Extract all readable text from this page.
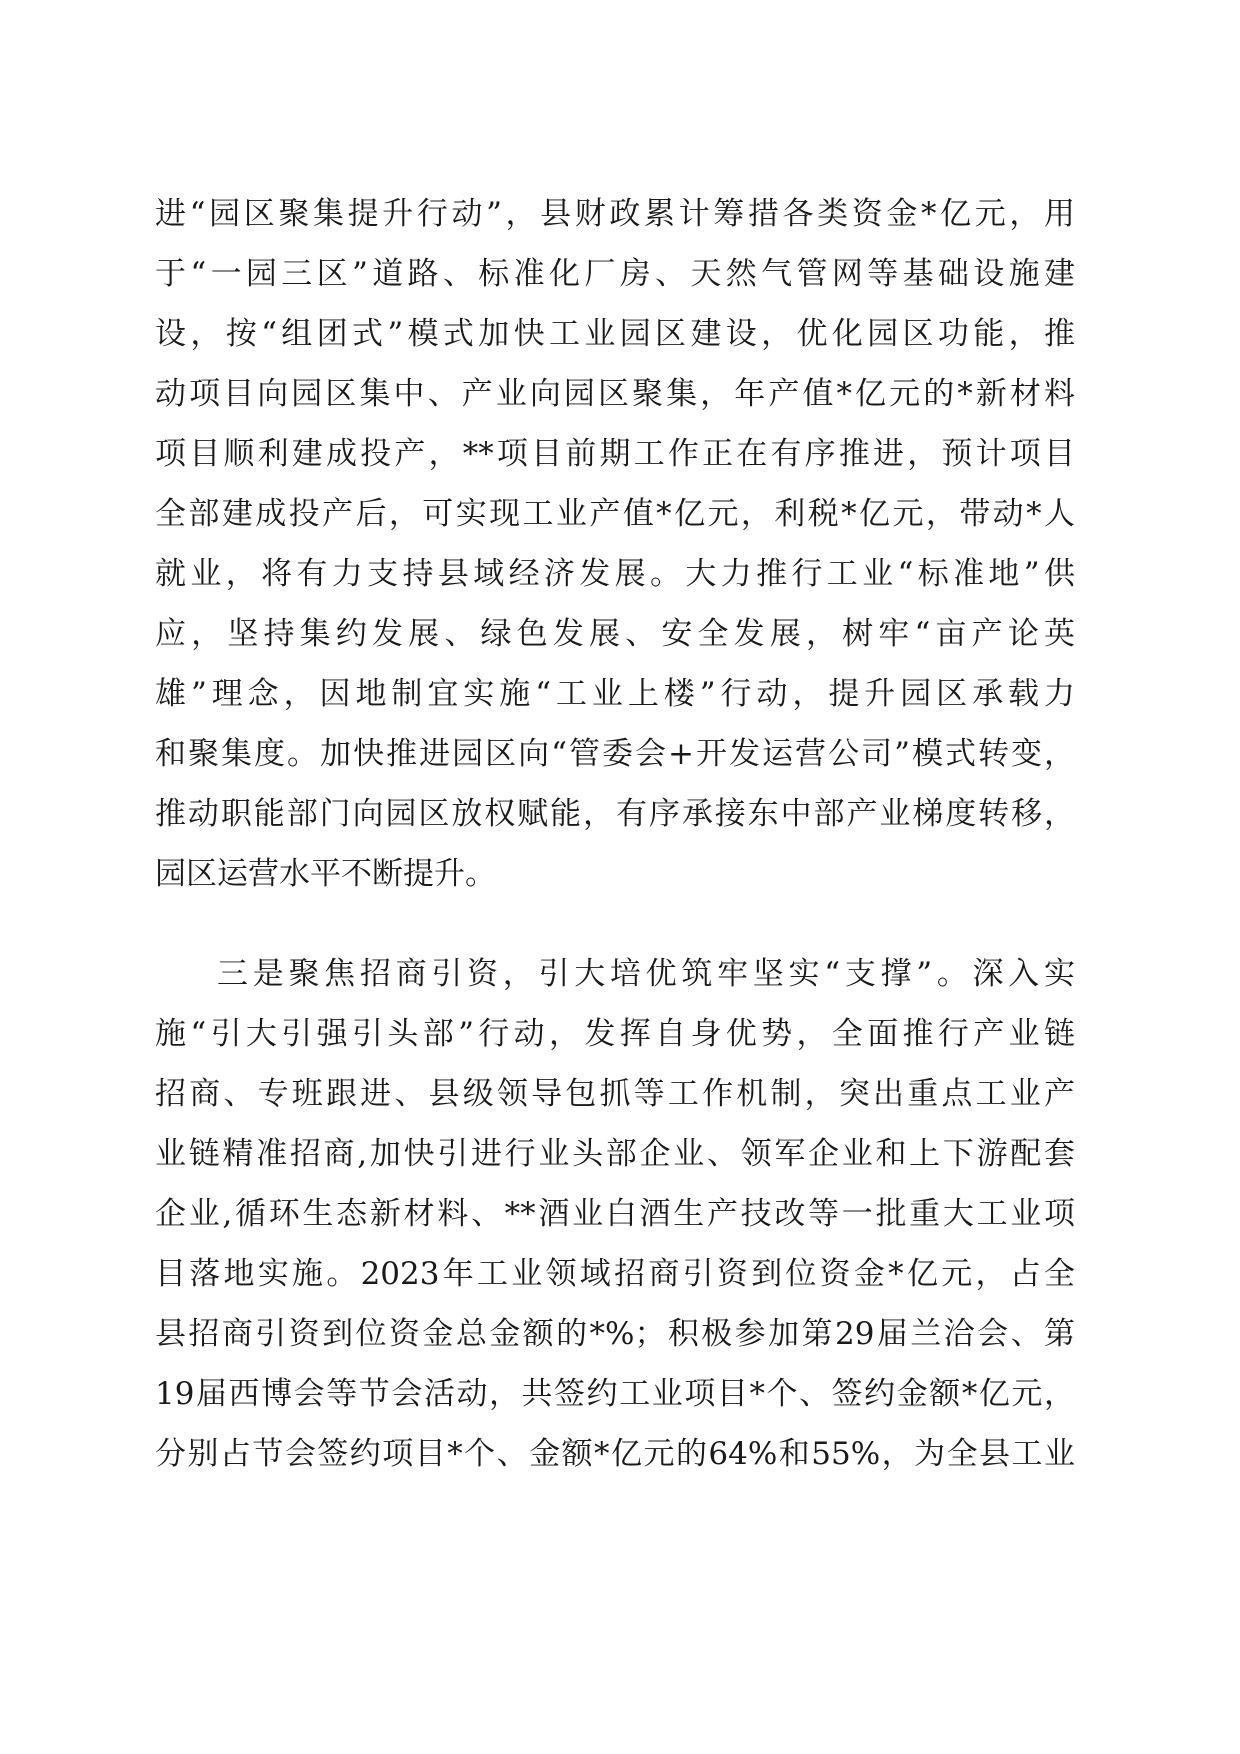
进“园区聚集提升行动”，县财政累计筹措各类资金*亿元，用
于“一园三区”道路、标准化厂房、天然气管网等基础设施建
设，按“组团式”模式加快工业园区建设，优化园区功能，推
动项目向园区集中、产业向园区聚集，年产值*亿元的*新材料
项目顺利建成投产，**项目前期工作正在有序推进，预计项目
全部建成投产后，可实现工业产值*亿元，利税*亿元，带动*人
就业，将有力支持县域经济发展。大力推行工业“标准地”供
应，坚持集约发展、绿色发展、安全发展，树牢“亩产论英
雄”理念，因地制宜实施“工业上楼”行动，提升园区承载力
和聚集度。加快推进园区向“管委会+开发运营公司”模式转变，
推动职能部门向园区放权赋能，有序承接东中部产业梯度转移，
园区运营水平不断提升。
三是聚焦招商引资，引大培优筑牢坚实“支撑”。深入实
施“引大引强引头部”行动，发挥自身优势，全面推行产业链
招商、专班跟进、县级领导包抓等工作机制，突出重点工业产
业链精准招商,加快引进行业头部企业、领军企业和上下游配套
企业,循环生态新材料、**酒业白酒生产技改等一批重大工业项
目落地实施。2023年工业领域招商引资到位资金*亿元，占全
县招商引资到位资金总金额的*%；积极参加第29届兰洽会、第
19届西博会等节会活动，共签约工业项目*个、签约金额*亿元，
分别占节会签约项目*个、金额*亿元的64%和55%，为全县工业
